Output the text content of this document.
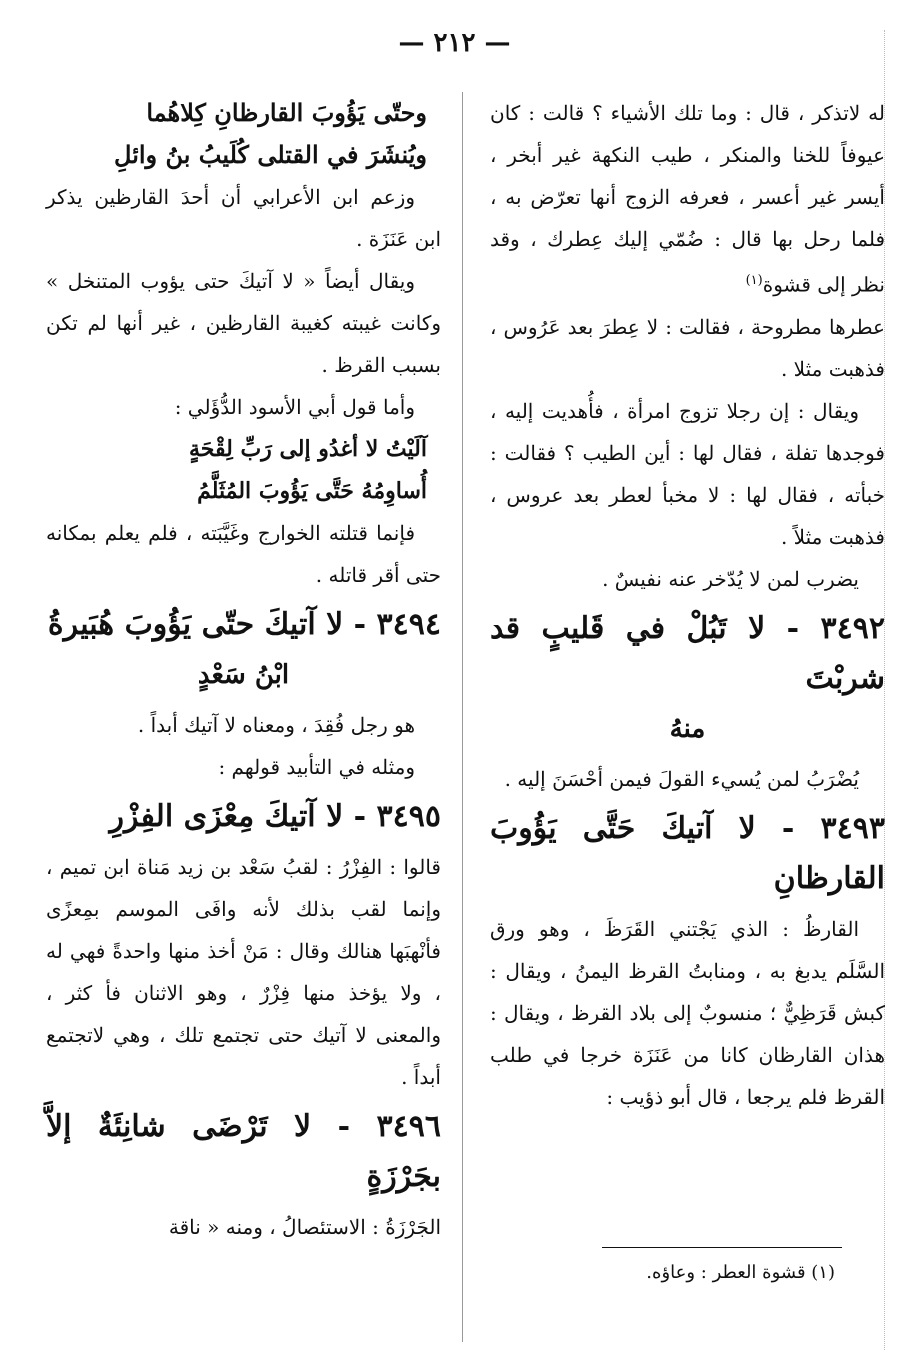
— ٢١٢ —

له لاتذكر ، قال : وما تلك الأشياء ؟ قالت : كان عيوفاً للخنا والمنكر ، طيب النكهة غير أبخر ، أيسر غير أعسر ، فعرفه الزوج أنها تعرّض به ، فلما رحل بها قال : ضُمّي إليك عِطرك ، وقد نظر إلى قشوة$^{(١)}$

عطرها مطروحة ، فقالت : لا عِطرَ بعد عَرُوس ، فذهبت مثلا .

ويقال : إن رجلا تزوج امرأة ، فأُهديت إليه ، فوجدها تفلة ، فقال لها : أين الطيب ؟ فقالت : خبأته ، فقال لها : لا مخبأ لعطر بعد عروس ، فذهبت مثلاً .

يضرب لمن لا يُدّخر عنه نفيسٌ .

٣٤٩٢ - لا تَبُلْ في قَليبٍ قد شربْتَ
منهُ

يُضْرَبُ لمن يُسيء القولَ فيمن أحْسَنَ إليه .

٣٤٩٣ - لا آتيكَ حَتَّى يَؤُوبَ القارظانِ

القارظُ : الذي يَجْتني القَرَظَ ، وهو ورق السَّلَم يدبغ به ، ومنابتُ القرظ اليمنُ ، ويقال : كبش قَرَظِيٌّ ؛ منسوبٌ إلى بلاد القرظ ، ويقال : هذان القارظان كانا من عَنَزَة خرجا في طلب القرظ فلم يرجعا ، قال أبو ذؤيب :

(١) قشوة العطر : وعاؤه.

وحتّى يَؤُوبَ القارظانِ كِلاهُما

ويُنشَرَ في القتلى كُلَيبُ بنُ وائلِ

وزعم ابن الأعرابي أن أحدَ القارظين يذكر ابن عَنَزَة .

ويقال أيضاً « لا آتيكَ حتى يؤوب المتنخل » وكانت غيبته كغيبة القارظين ، غير أنها لم تكن بسبب القرظ .

وأما قول أبي الأسود الدُّؤَلي :

آلَيْتُ لا أغدُو إلى رَبِّ لِقْحَةٍ

أُساوِمُهُ حَتَّى يَؤُوبَ المُثَلَّمُ

فإنما قتلته الخوارج وغَيَّبَته ، فلم يعلم بمكانه حتى أقر قاتله .

٣٤٩٤ - لا آتيكَ حتّى يَؤُوبَ هُبَيرةُ
ابْنُ سَعْدٍ

هو رجل فُقِدَ ، ومعناه لا آتيك أبداً .

ومثله في التأبيد قولهم :

٣٤٩٥ - لا آتيكَ مِعْزَى الفِزْرِ

قالوا : الفِزْرُ : لقبُ سَعْد بن زيد مَناة ابن تميم ، وإنما لقب بذلك لأنه وافَى الموسم بمِعزًى فأنْهبَها هنالك وقال : مَنْ أخذ منها واحدةً فهي له ، ولا يؤخذ منها فِزْرٌ ، وهو الاثنان فأ كثر ، والمعنى لا آتيك حتى تجتمع تلك ، وهي لاتجتمع أبداً .

٣٤٩٦ - لا تَرْضَى شانِئَةٌ إلاَّ بجَرْزَةٍ

الجَرْزَةُ : الاستئصالُ ، ومنه « ناقة
